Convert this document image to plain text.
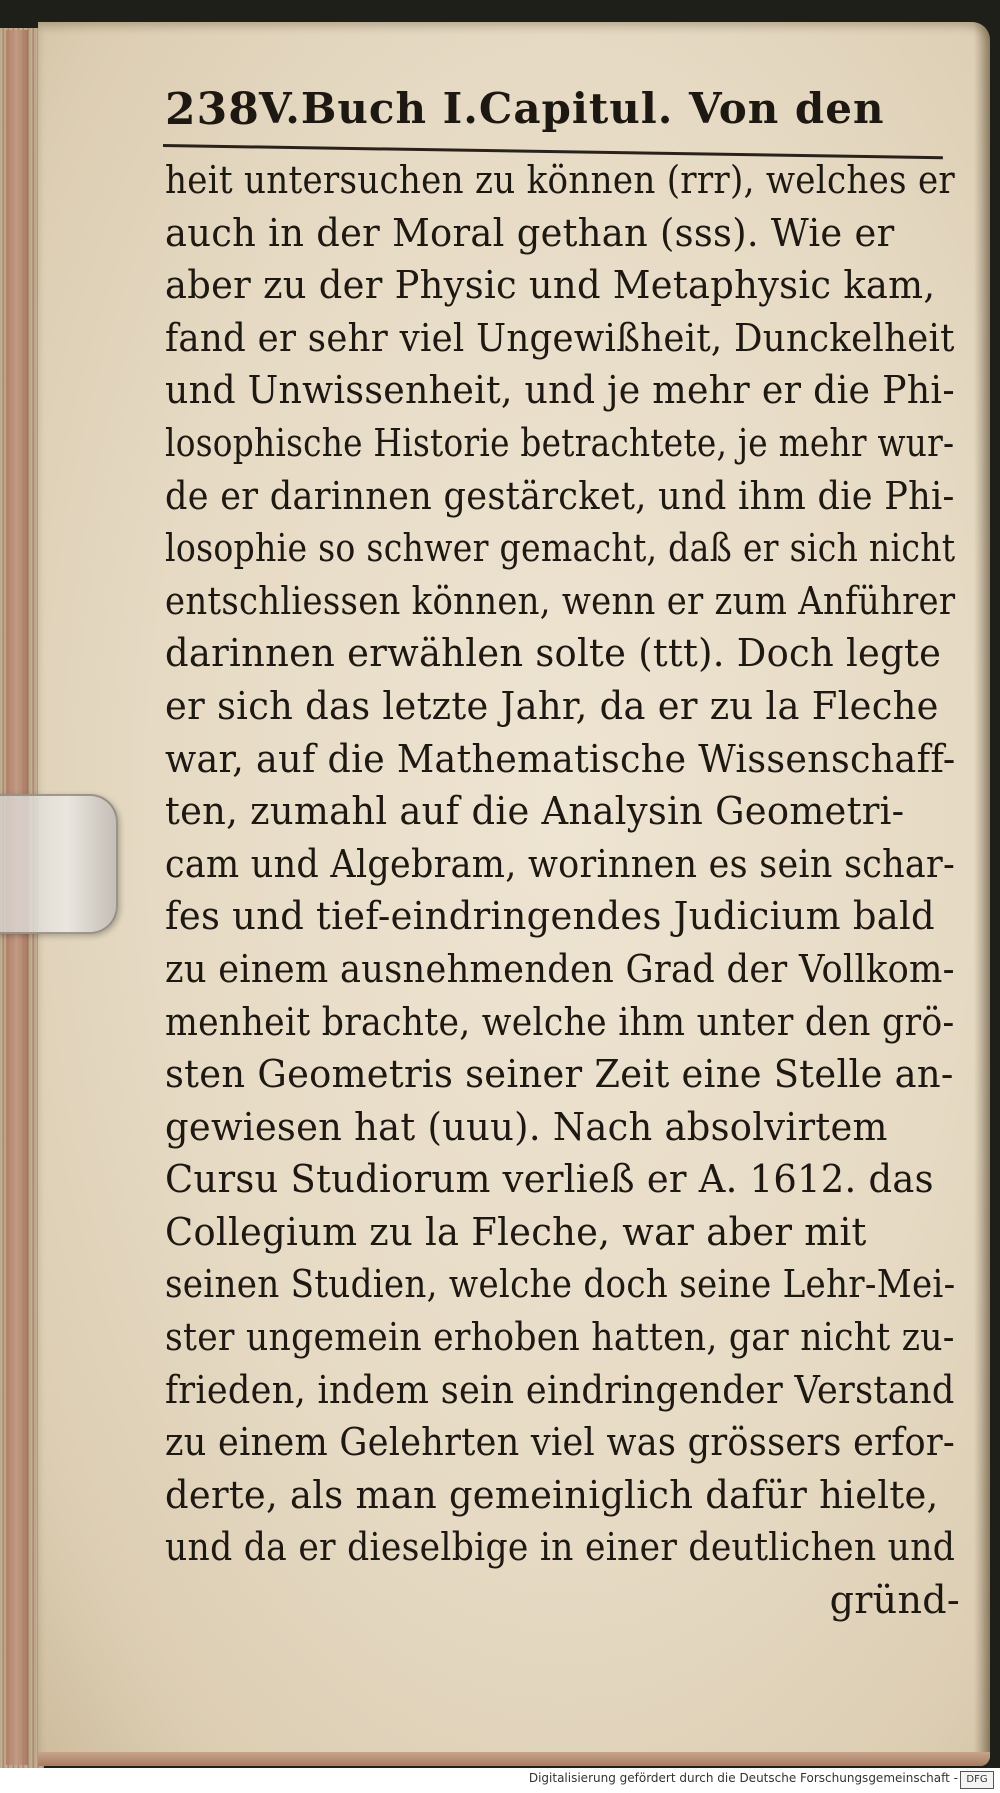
238 V.Buch I.Capitul. Von den
heit untersuchen zu können (rrr), welches er
auch in der Moral gethan (sss). Wie er
aber zu der Physic und Metaphysic kam,
fand er sehr viel Ungewißheit, Dunckelheit
und Unwissenheit, und je mehr er die Phi-
losophische Historie betrachtete, je mehr wur-
de er darinnen gestärcket, und ihm die Phi-
losophie so schwer gemacht, daß er sich nicht
entschliessen können, wenn er zum Anführer
darinnen erwählen solte (ttt). Doch legte
er sich das letzte Jahr, da er zu la Fleche
war, auf die Mathematische Wissenschaff-
ten, zumahl auf die Analysin Geometri-
cam und Algebram, worinnen es sein schar-
fes und tief-eindringendes Judicium bald
zu einem ausnehmenden Grad der Vollkom-
menheit brachte, welche ihm unter den grö-
sten Geometris seiner Zeit eine Stelle an-
gewiesen hat (uuu). Nach absolvirtem
Cursu Studiorum verließ er A. 1612. das
Collegium zu la Fleche, war aber mit
seinen Studien, welche doch seine Lehr-Mei-
ster ungemein erhoben hatten, gar nicht zu-
frieden, indem sein eindringender Verstand
zu einem Gelehrten viel was grössers erfor-
derte, als man gemeiniglich dafür hielte,
und da er dieselbige in einer deutlichen und
gründ-
Digitalisierung gefördert durch die Deutsche Forschungsgemeinschaft - DFG
